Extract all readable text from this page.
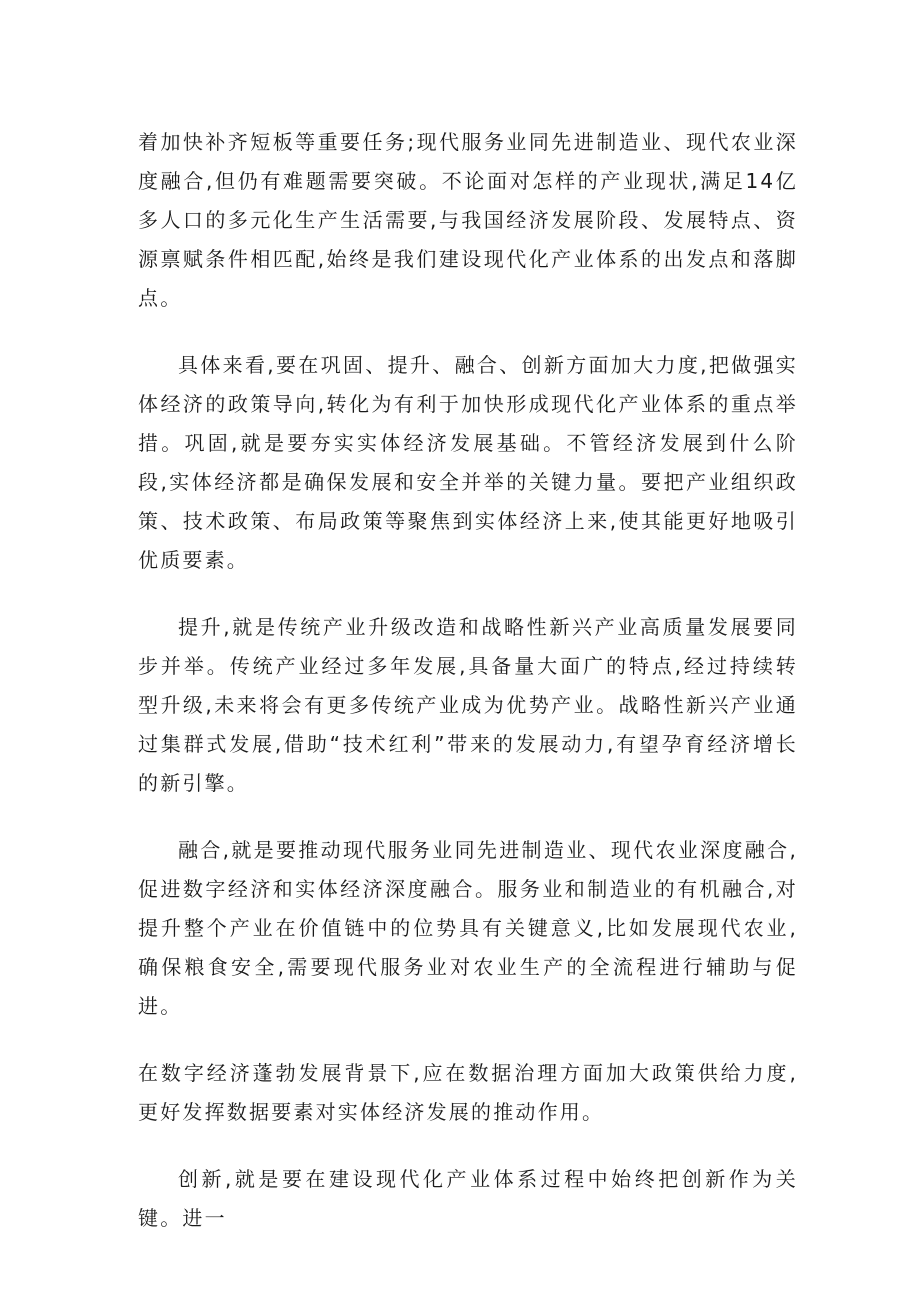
着加快补齐短板等重要任务;现代服务业同先进制造业、现代农业深度融合,但仍有难题需要突破。不论面对怎样的产业现状,满足14亿多人口的多元化生产生活需要,与我国经济发展阶段、发展特点、资源禀赋条件相匹配,始终是我们建设现代化产业体系的出发点和落脚点。

具体来看,要在巩固、提升、融合、创新方面加大力度,把做强实体经济的政策导向,转化为有利于加快形成现代化产业体系的重点举措。巩固,就是要夯实实体经济发展基础。不管经济发展到什么阶段,实体经济都是确保发展和安全并举的关键力量。要把产业组织政策、技术政策、布局政策等聚焦到实体经济上来,使其能更好地吸引优质要素。

提升,就是传统产业升级改造和战略性新兴产业高质量发展要同步并举。传统产业经过多年发展,具备量大面广的特点,经过持续转型升级,未来将会有更多传统产业成为优势产业。战略性新兴产业通过集群式发展,借助“技术红利”带来的发展动力,有望孕育经济增长的新引擎。

融合,就是要推动现代服务业同先进制造业、现代农业深度融合,促进数字经济和实体经济深度融合。服务业和制造业的有机融合,对提升整个产业在价值链中的位势具有关键意义,比如发展现代农业,确保粮食安全,需要现代服务业对农业生产的全流程进行辅助与促进。

在数字经济蓬勃发展背景下,应在数据治理方面加大政策供给力度,更好发挥数据要素对实体经济发展的推动作用。

创新,就是要在建设现代化产业体系过程中始终把创新作为关键。进一
